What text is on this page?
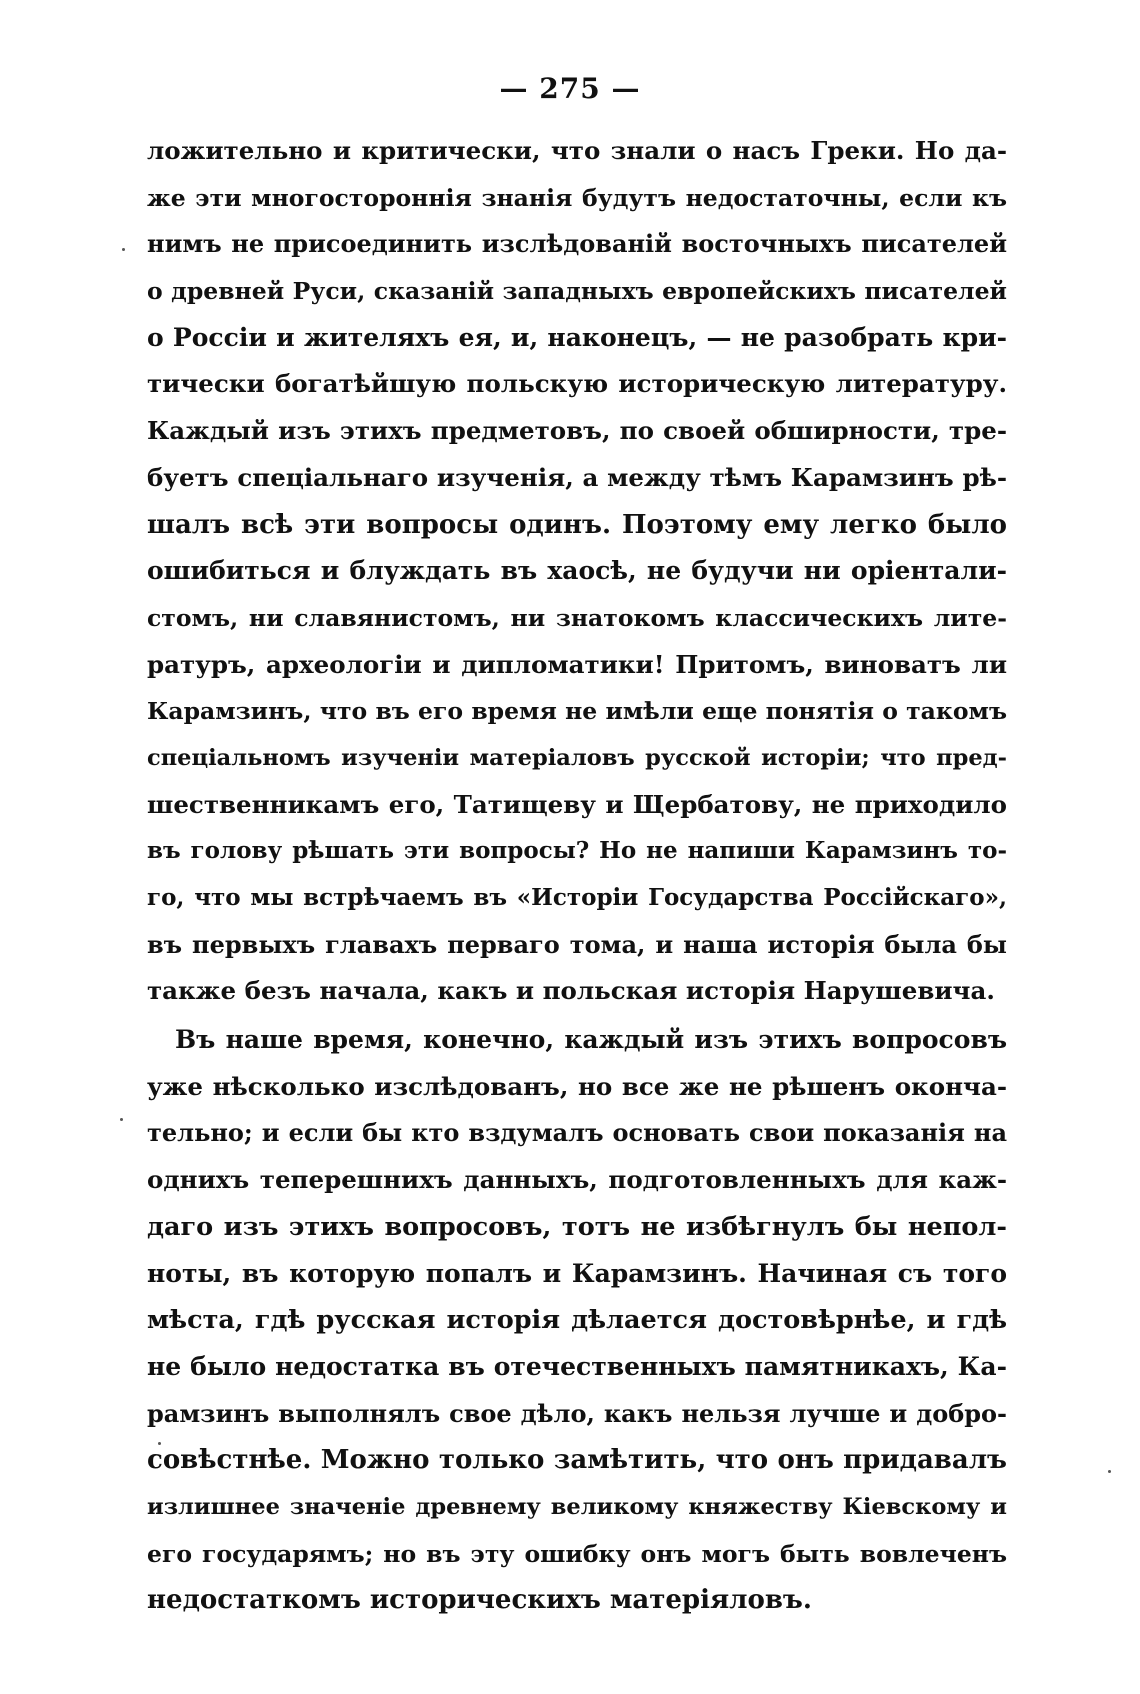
— 275 —
ложительно и критически, что знали о насъ Греки. Но да-
же эти многостороннія знанія будутъ недостаточны, если къ
нимъ не присоединить изслѣдованій восточныхъ писателей
о древней Руси, сказаній западныхъ европейскихъ писателей
о Россіи и жителяхъ ея, и, наконецъ, — не разобрать кри-
тически богатѣйшую польскую историческую литературу.
Каждый изъ этихъ предметовъ, по своей обширности, тре-
буетъ спеціальнаго изученія, а между тѣмъ Карамзинъ рѣ-
шалъ всѣ эти вопросы одинъ. Поэтому ему легко было
ошибиться и блуждать въ хаосѣ, не будучи ни оріентали-
стомъ, ни славянистомъ, ни знатокомъ классическихъ лите-
ратуръ, археологіи и дипломатики! Притомъ, виноватъ ли
Карамзинъ, что въ его время не имѣли еще понятія о такомъ
спеціальномъ изученіи матеріаловъ русской исторіи; что пред-
шественникамъ его, Татищеву и Щербатову, не приходило
въ голову рѣшать эти вопросы? Но не напиши Карамзинъ то-
го, что мы встрѣчаемъ въ «Исторіи Государства Россійскаго»,
въ первыхъ главахъ перваго тома, и наша исторія была бы
также безъ начала, какъ и польская исторія Нарушевича.
Въ наше время, конечно, каждый изъ этихъ вопросовъ
уже нѣсколько изслѣдованъ, но все же не рѣшенъ оконча-
тельно; и если бы кто вздумалъ основать свои показанія на
однихъ теперешнихъ данныхъ, подготовленныхъ для каж-
даго изъ этихъ вопросовъ, тотъ не избѣгнулъ бы непол-
ноты, въ которую попалъ и Карамзинъ. Начиная съ того
мѣста, гдѣ русская исторія дѣлается достовѣрнѣе, и гдѣ
не было недостатка въ отечественныхъ памятникахъ, Ка-
рамзинъ выполнялъ свое дѣло, какъ нельзя лучше и добро-
совѣстнѣе. Можно только замѣтить, что онъ придавалъ
излишнее значеніе древнему великому княжеству Кіевскому и
его государямъ; но въ эту ошибку онъ могъ быть вовлеченъ
недостаткомъ историческихъ матеріяловъ.
